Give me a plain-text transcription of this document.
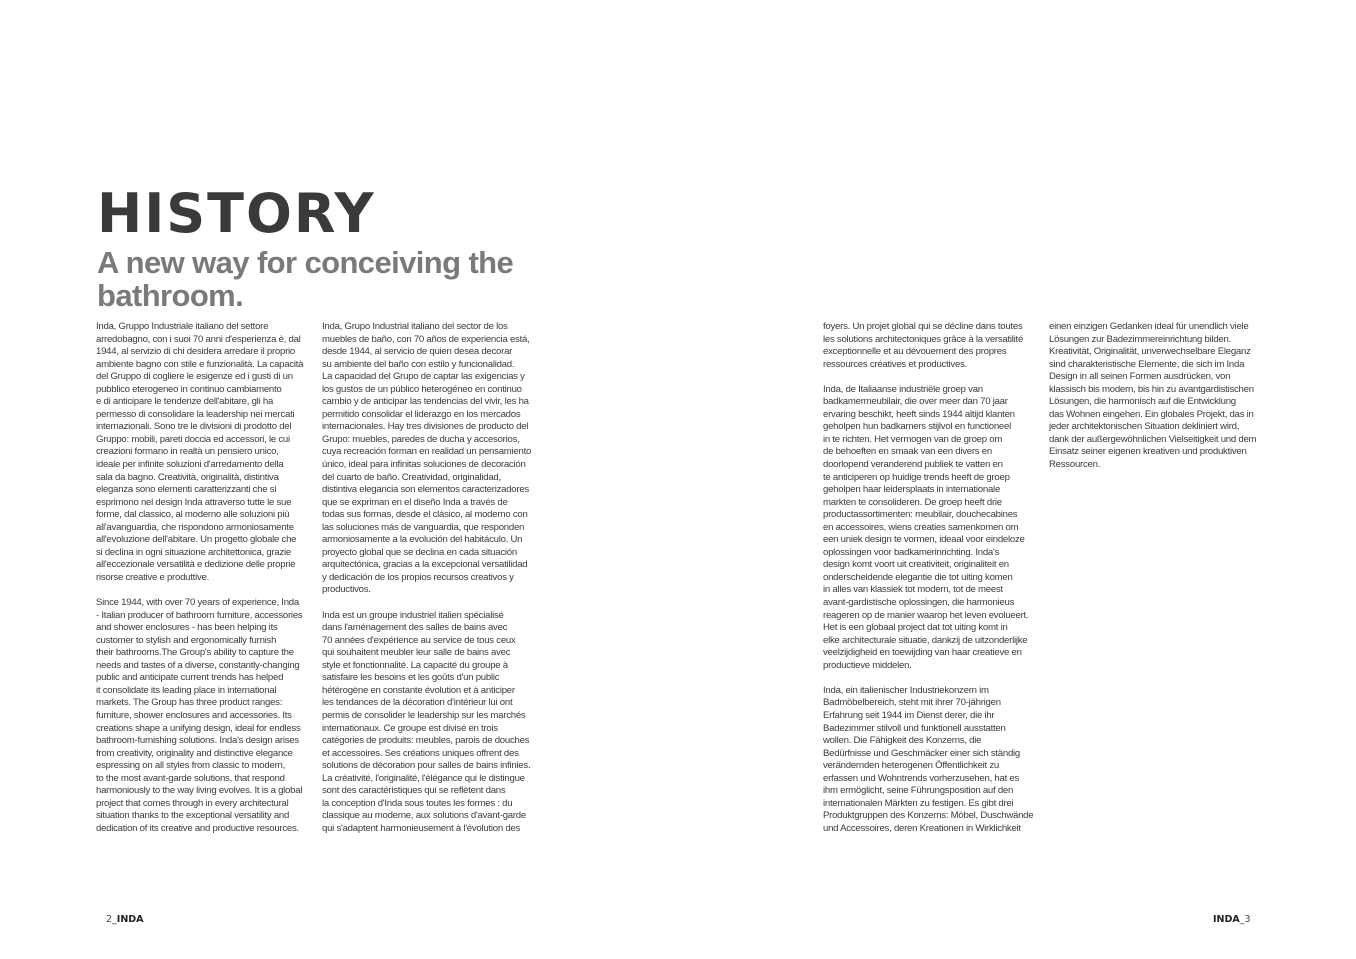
HISTORY
A new way for conceiving the
bathroom.

Inda, Gruppo Industriale italiano del settore
arredobagno, con i suoi 70 anni d'esperienza è, dal
1944, al servizio di chi desidera arredare il proprio
ambiente bagno con stile e funzionalità. La capacità
del Gruppo di cogliere le esigenze ed i gusti di un
pubblico eterogeneo in continuo cambiamento
e di anticipare le tendenze dell'abitare, gli ha
permesso di consolidare la leadership nei mercati
internazionali. Sono tre le divisioni di prodotto del
Gruppo: mobili, pareti doccia ed accessori, le cui
creazioni formano in realtà un pensiero unico,
ideale per infinite soluzioni d'arredamento della
sala da bagno. Creatività, originalità, distintiva
eleganza sono elementi caratterizzanti che si
esprimono nel design Inda attraverso tutte le sue
forme, dal classico, al moderno alle soluzioni più
all'avanguardia, che rispondono armoniosamente
all'evoluzione dell'abitare. Un progetto globale che
si declina in ogni situazione architettonica, grazie
all'eccezionale versatilità e dedizione delle proprie
risorse creative e produttive.

Since 1944, with over 70 years of experience, Inda
- Italian producer of bathroom furniture, accessories
and shower enclosures - has been helping its
customer to stylish and ergonomically furnish
their bathrooms.The Group's ability to capture the
needs and tastes of a diverse, constantly-changing
public and anticipate current trends has helped
it consolidate its leading place in international
markets. The Group has three product ranges:
furniture, shower enclosures and accessories. Its
creations shape a unifying design, ideal for endless
bathroom-furnishing solutions. Inda's design arises
from creativity, originality and distinctive elegance
espressing on all styles from classic to modern,
to the most avant-garde solutions, that respond
harmoniously to the way living evolves. It is a global
project that comes through in every architectural
situation thanks to the exceptional versatility and
dedication of its creative and productive resources.

Inda, Grupo Industrial italiano del sector de los
muebles de baño, con 70 años de experiencia está,
desde 1944, al servicio de quien desea decorar
su ambiente del baño con estilo y funcionalidad.
La capacidad del Grupo de captar las exigencias y
los gustos de un público heterogéneo en continuo
cambio y de anticipar las tendencias del vivir, les ha
permitido consolidar el liderazgo en los mercados
internacionales. Hay tres divisiones de producto del
Grupo: muebles, paredes de ducha y accesorios,
cuya recreación forman en realidad un pensamiento
único, ideal para infinitas soluciones de decoración
del cuarto de baño. Creatividad, originalidad,
distintiva elegancia son elementos caracterizadores
que se expriman en el diseño Inda a través de
todas sus formas, desde el clásico, al moderno con
las soluciones más de vanguardia, que responden
armoniosamente a la evolución del habitáculo. Un
proyecto global que se declina en cada situación
arquitectónica, gracias a la excepcional versatilidad
y dedicación de los propios recursos creativos y
productivos.

Inda est un groupe industriel italien spécialisé
dans l'aménagement des salles de bains avec
70 années d'expérience au service de tous ceux
qui souhaitent meubler leur salle de bains avec
style et fonctionnalité. La capacité du groupe à
satisfaire les besoins et les goûts d'un public
hétérogène en constante évolution et à anticiper
les tendances de la décoration d'intérieur lui ont
permis de consolider le leadership sur les marchés
internationaux. Ce groupe est divisé en trois
catégories de produits: meubles, parois de douches
et accessoires. Ses créations uniques offrent des
solutions de décoration pour salles de bains infinies.
La créativité, l'originalité, l'élégance qui le distingue
sont des caractéristiques qui se reflètent dans
la conception d'Inda sous toutes les formes : du
classique au moderne, aux solutions d'avant-garde
qui s'adaptent harmonieusement à l'évolution des

foyers. Un projet global qui se décline dans toutes
les solutions architectoniques grâce à la versatilité
exceptionnelle et au dévouement des propres
ressources créatives et productives.

Inda, de Italiaanse industriële groep van
badkamermeubilair, die over meer dan 70 jaar
ervaring beschikt, heeft sinds 1944 altijd klanten
geholpen hun badkamers stijlvol en functioneel
in te richten. Het vermogen van de groep om
de behoeften en smaak van een divers en
doorlopend veranderend publiek te vatten en
te anticiperen op huidige trends heeft de groep
geholpen haar leidersplaats in internationale
markten te consolideren. De groep heeft drie
productassortimenten: meubilair, douchecabines
en accessoires, wiens creaties samenkomen om
een uniek design te vormen, ideaal voor eindeloze
oplossingen voor badkamerinrichting. Inda's
design komt voort uit creativiteit, originaliteit en
onderscheidende elegantie die tot uiting komen
in alles van klassiek tot modern, tot de meest
avant-gardistische oplossingen, die harmonieus
reageren op de manier waarop het leven evolueert.
Het is een globaal project dat tot uiting komt in
elke architecturale situatie, dankzij de uitzonderlijke
veelzijdigheid en toewijding van haar creatieve en
productieve middelen.

Inda, ein italienischer Industriekonzern im
Badmöbelbereich, steht mit ihrer 70-jährigen
Erfahrung seit 1944 im Dienst derer, die ihr
Badezimmer stilvoll und funktionell ausstatten
wollen. Die Fähigkeit des Konzerns, die
Bedürfnisse und Geschmäcker einer sich ständig
verändernden heterogenen Öffentlichkeit zu
erfassen und Wohntrends vorherzusehen, hat es
ihm ermöglicht, seine Führungsposition auf den
internationalen Märkten zu festigen. Es gibt drei
Produktgruppen des Konzerns: Möbel, Duschwände
und Accessoires, deren Kreationen in Wirklichkeit

einen einzigen Gedanken ideal für unendlich viele
Lösungen zur Badezimmereinrichtung bilden.
Kreativität, Originalität, unverwechselbare Eleganz
sind charakteristische Elemente, die sich im Inda
Design in all seinen Formen ausdrücken, von
klassisch bis modern, bis hin zu avantgardistischen
Lösungen, die harmonisch auf die Entwicklung
das Wohnen eingehen. Ein globales Projekt, das in
jeder architektonischen Situation dekliniert wird,
dank der außergewöhnlichen Vielseitigkeit und dem
Einsatz seiner eigenen kreativen und produktiven
Ressourcen.

2_INDA	INDA_3
